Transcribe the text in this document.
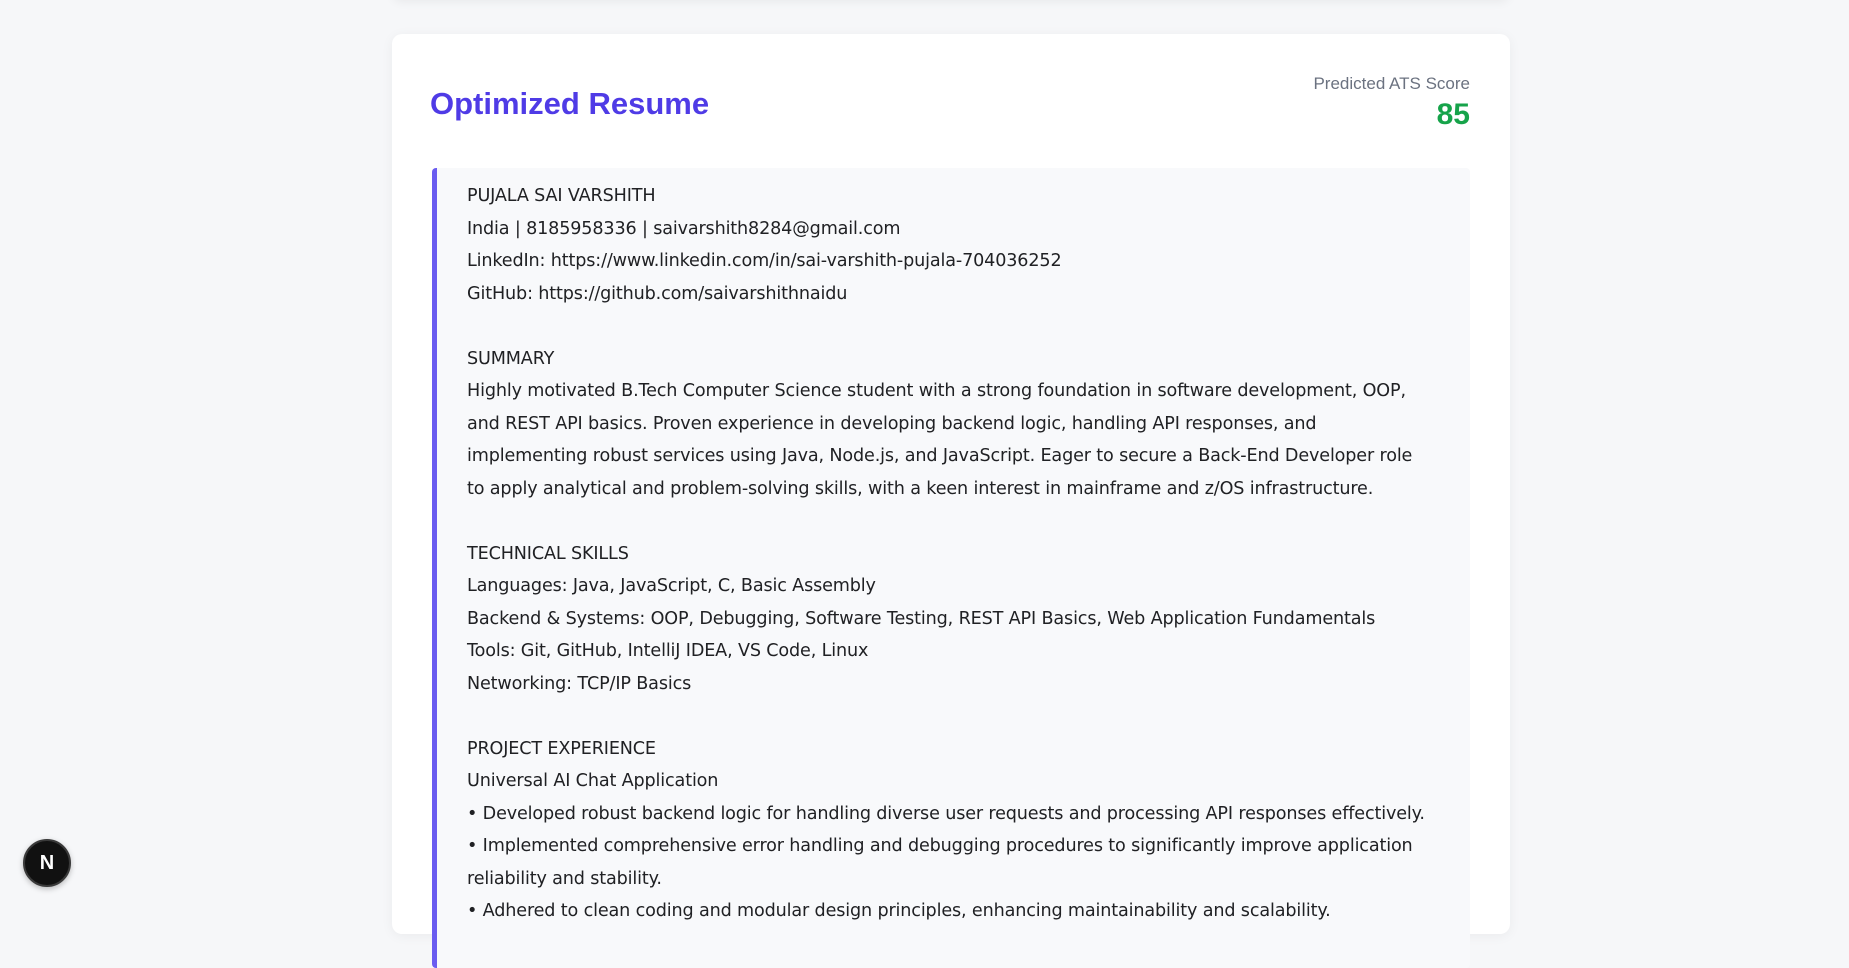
Optimized Resume
Predicted ATS Score
85
PUJALA SAI VARSHITH
India | 8185958336 | saivarshith8284@gmail.com
LinkedIn: https://www.linkedin.com/in/sai-varshith-pujala-704036252
GitHub: https://github.com/saivarshithnaidu
SUMMARY
Highly motivated B.Tech Computer Science student with a strong foundation in software development, OOP,
and REST API basics. Proven experience in developing backend logic, handling API responses, and
implementing robust services using Java, Node.js, and JavaScript. Eager to secure a Back-End Developer role
to apply analytical and problem-solving skills, with a keen interest in mainframe and z/OS infrastructure.
TECHNICAL SKILLS
Languages: Java, JavaScript, C, Basic Assembly
Backend & Systems: OOP, Debugging, Software Testing, REST API Basics, Web Application Fundamentals
Tools: Git, GitHub, IntelliJ IDEA, VS Code, Linux
Networking: TCP/IP Basics
PROJECT EXPERIENCE
Universal AI Chat Application
• Developed robust backend logic for handling diverse user requests and processing API responses effectively.
• Implemented comprehensive error handling and debugging procedures to significantly improve application
reliability and stability.
• Adhered to clean coding and modular design principles, enhancing maintainability and scalability.
N
